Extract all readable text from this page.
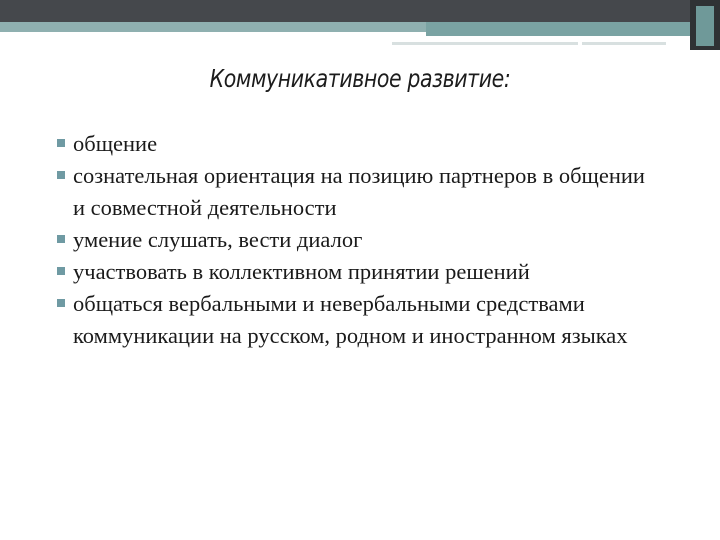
Коммуникативное развитие:
общение
сознательная ориентация на позицию партнеров в общении и совместной деятельности
умение слушать, вести диалог
участвовать в коллективном принятии решений
общаться вербальными и невербальными средствами коммуникации на русском, родном и иностранном языках
